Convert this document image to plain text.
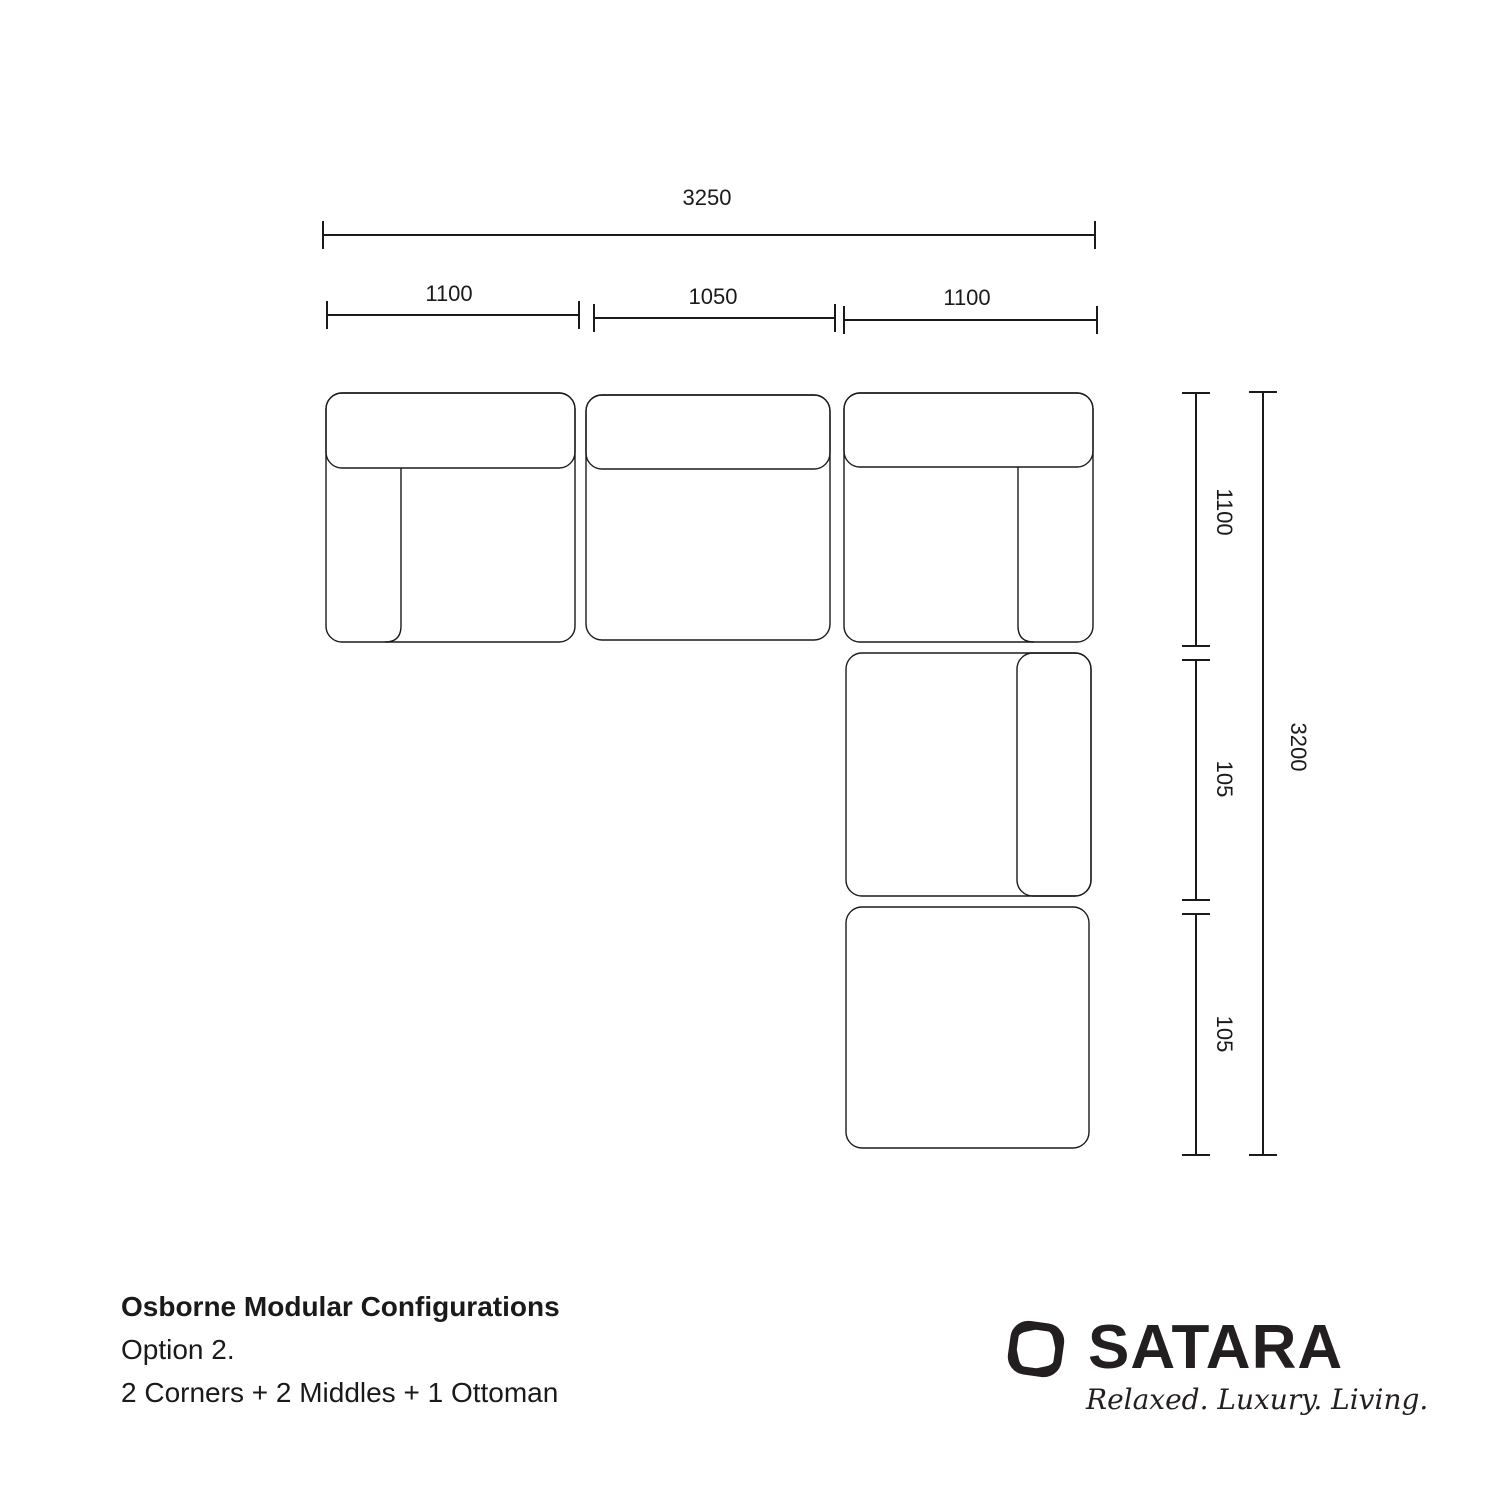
3250
1100	1050	1100
1100
105
105
3200
Osborne Modular Configurations
Option 2.
2 Corners + 2 Middles + 1 Ottoman
SATARA
Relaxed. Luxury. Living.
